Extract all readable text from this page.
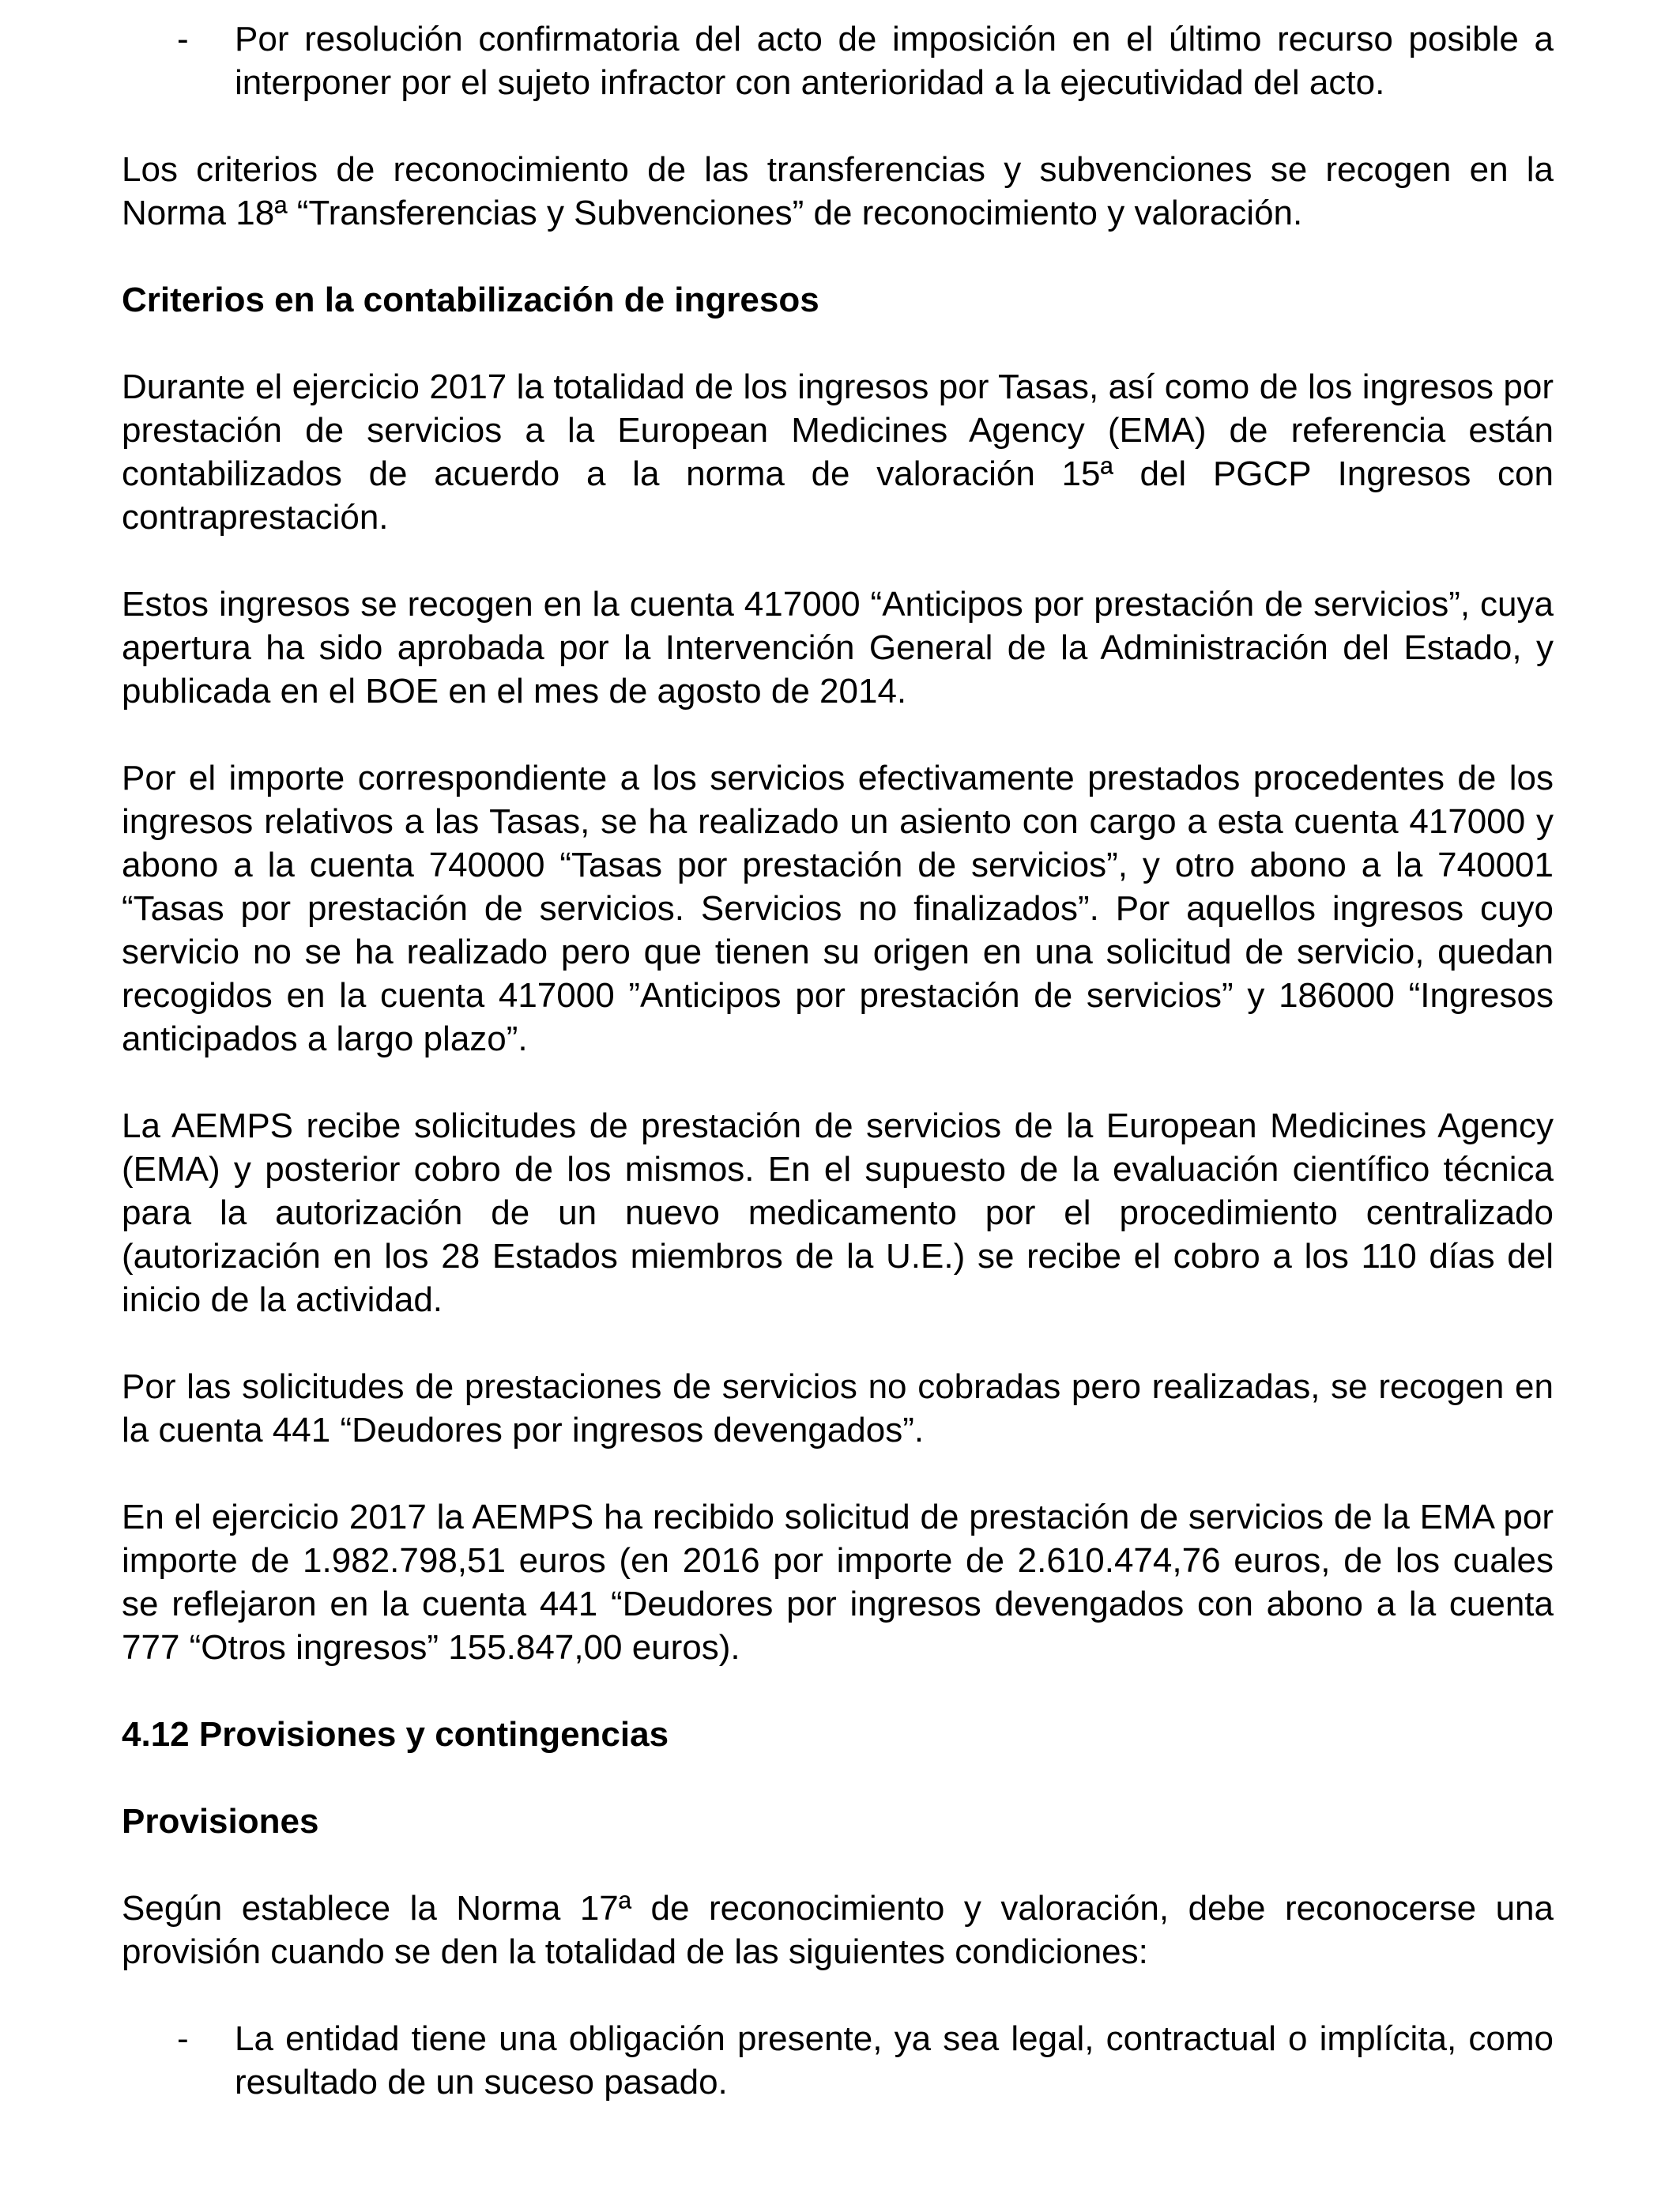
- Por resolución confirmatoria del acto de imposición en el último recurso posible a interponer por el sujeto infractor con anterioridad a la ejecutividad del acto.

Los criterios de reconocimiento de las transferencias y subvenciones se recogen en la Norma 18ª “Transferencias y Subvenciones” de reconocimiento y valoración.

Criterios en la contabilización de ingresos

Durante el ejercicio 2017 la totalidad de los ingresos por Tasas, así como de los ingresos por prestación de servicios a la European Medicines Agency (EMA) de referencia están contabilizados de acuerdo a la norma de valoración 15ª del PGCP Ingresos con contraprestación.

Estos ingresos se recogen en la cuenta 417000 “Anticipos por prestación de servicios”, cuya apertura ha sido aprobada por la Intervención General de la Administración del Estado, y publicada en el BOE en el mes de agosto de 2014.

Por el importe correspondiente a los servicios efectivamente prestados procedentes de los ingresos relativos a las Tasas, se ha realizado un asiento con cargo a esta cuenta 417000 y abono a la cuenta 740000 “Tasas por prestación de servicios”, y otro abono a la 740001 “Tasas por prestación de servicios. Servicios no finalizados”. Por aquellos ingresos cuyo servicio no se ha realizado pero que tienen su origen en una solicitud de servicio, quedan recogidos en la cuenta 417000 ”Anticipos por prestación de servicios” y 186000 “Ingresos anticipados a largo plazo”.

La AEMPS recibe solicitudes de prestación de servicios de la European Medicines Agency (EMA) y posterior cobro de los mismos. En el supuesto de la evaluación científico técnica para la autorización de un nuevo medicamento por el procedimiento centralizado (autorización en los 28 Estados miembros de la U.E.) se recibe el cobro a los 110 días del inicio de la actividad.

Por las solicitudes de prestaciones de servicios no cobradas pero realizadas, se recogen en la cuenta 441 “Deudores por ingresos devengados”.

En el ejercicio 2017 la AEMPS ha recibido solicitud de prestación de servicios de la EMA por importe de 1.982.798,51 euros (en 2016 por importe de 2.610.474,76 euros, de los cuales se reflejaron en la cuenta 441 “Deudores por ingresos devengados con abono a la cuenta 777 “Otros ingresos” 155.847,00 euros).

4.12 Provisiones y contingencias

Provisiones

Según establece la Norma 17ª de reconocimiento y valoración, debe reconocerse una provisión cuando se den la totalidad de las siguientes condiciones:

- La entidad tiene una obligación presente, ya sea legal, contractual o implícita, como resultado de un suceso pasado.
